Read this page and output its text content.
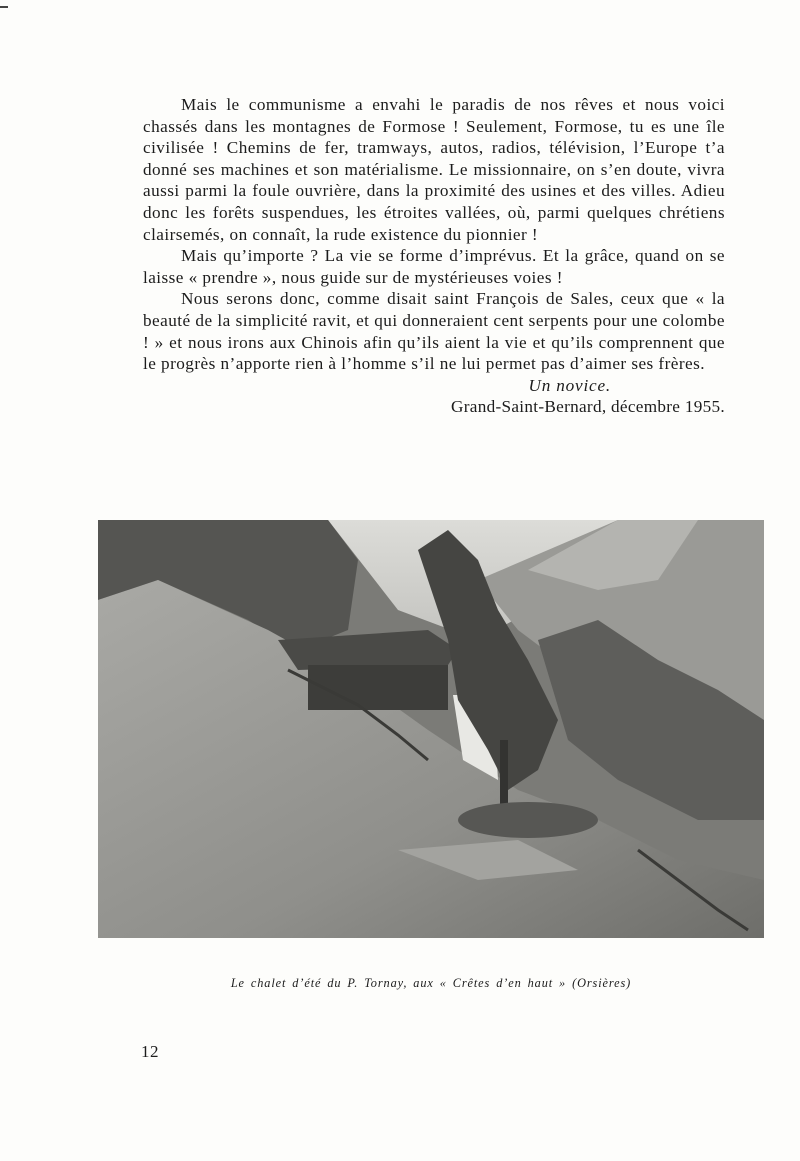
Mais le communisme a envahi le paradis de nos rêves et nous voici chassés dans les montagnes de Formose ! Seulement, Formose, tu es une île civilisée ! Chemins de fer, tramways, autos, radios, télévision, l’Europe t’a donné ses machines et son matérialisme. Le missionnaire, on s’en doute, vivra aussi parmi la foule ouvrière, dans la proximité des usines et des villes. Adieu donc les forêts suspendues, les étroites vallées, où, parmi quelques chrétiens clairsemés, on connaît, la rude existence du pionnier !

Mais qu’importe ? La vie se forme d’imprévus. Et la grâce, quand on se laisse « prendre », nous guide sur de mystérieuses voies !

Nous serons donc, comme disait saint François de Sales, ceux que « la beauté de la simplicité ravit, et qui donneraient cent serpents pour une colombe ! » et nous irons aux Chinois afin qu’ils aient la vie et qu’ils comprennent que le progrès n’apporte rien à l’homme s’il ne lui permet pas d’aimer ses frères.

Un novice.
Grand-Saint-Bernard, décembre 1955.
Le chalet d’été du P. Tornay, aux « Crêtes d’en haut » (Orsières)
12
